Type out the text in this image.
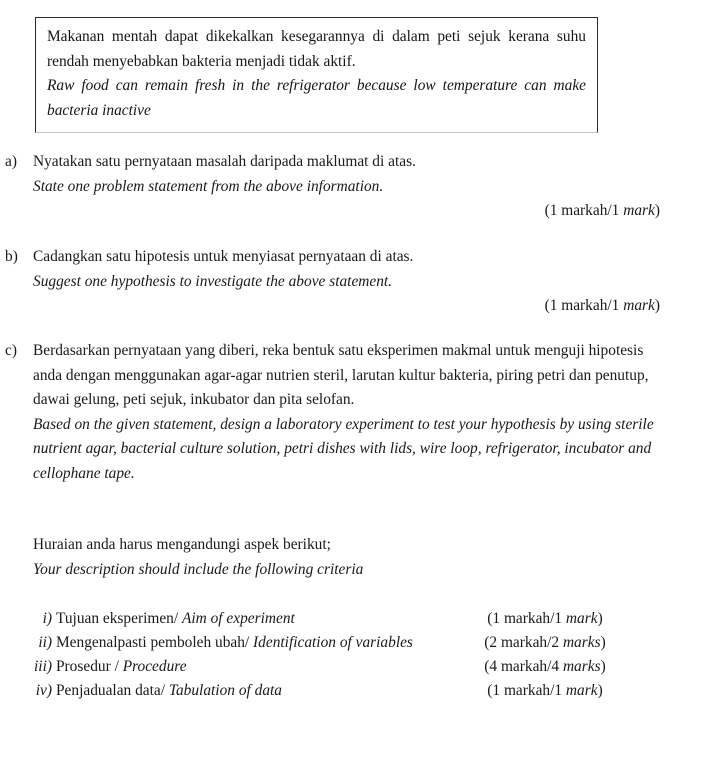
Makanan mentah dapat dikekalkan kesegarannya di dalam peti sejuk kerana suhu rendah menyebabkan bakteria menjadi tidak aktif.
Raw food can remain fresh in the refrigerator because low temperature can make bacteria inactive
a)	Nyatakan satu pernyataan masalah daripada maklumat di atas.
State one problem statement from the above information.
(1 markah/1 mark)
b) Cadangkan satu hipotesis untuk menyiasat pernyataan di atas.
Suggest one hypothesis to investigate the above statement.
(1 markah/1 mark)
c)	Berdasarkan pernyataan yang diberi, reka bentuk satu eksperimen makmal untuk menguji hipotesis anda dengan menggunakan agar-agar nutrien steril, larutan kultur bakteria, piring petri dan penutup, dawai gelung, peti sejuk, inkubator dan pita selofan.
Based on the given statement, design a laboratory experiment to test your hypothesis by using sterile nutrient agar, bacterial culture solution, petri dishes with lids, wire loop, refrigerator, incubator and cellophane tape.
Huraian anda harus mengandungi aspek berikut;
Your description should include the following criteria
i) Tujuan eksperimen/ Aim of experiment	(1 markah/1 mark)
ii) Mengenalpasti pemboleh ubah/ Identification of variables	(2 markah/2 marks)
iii) Prosedur / Procedure	(4 markah/4 marks)
iv) Penjadualan data/ Tabulation of data	(1 markah/1 mark)
